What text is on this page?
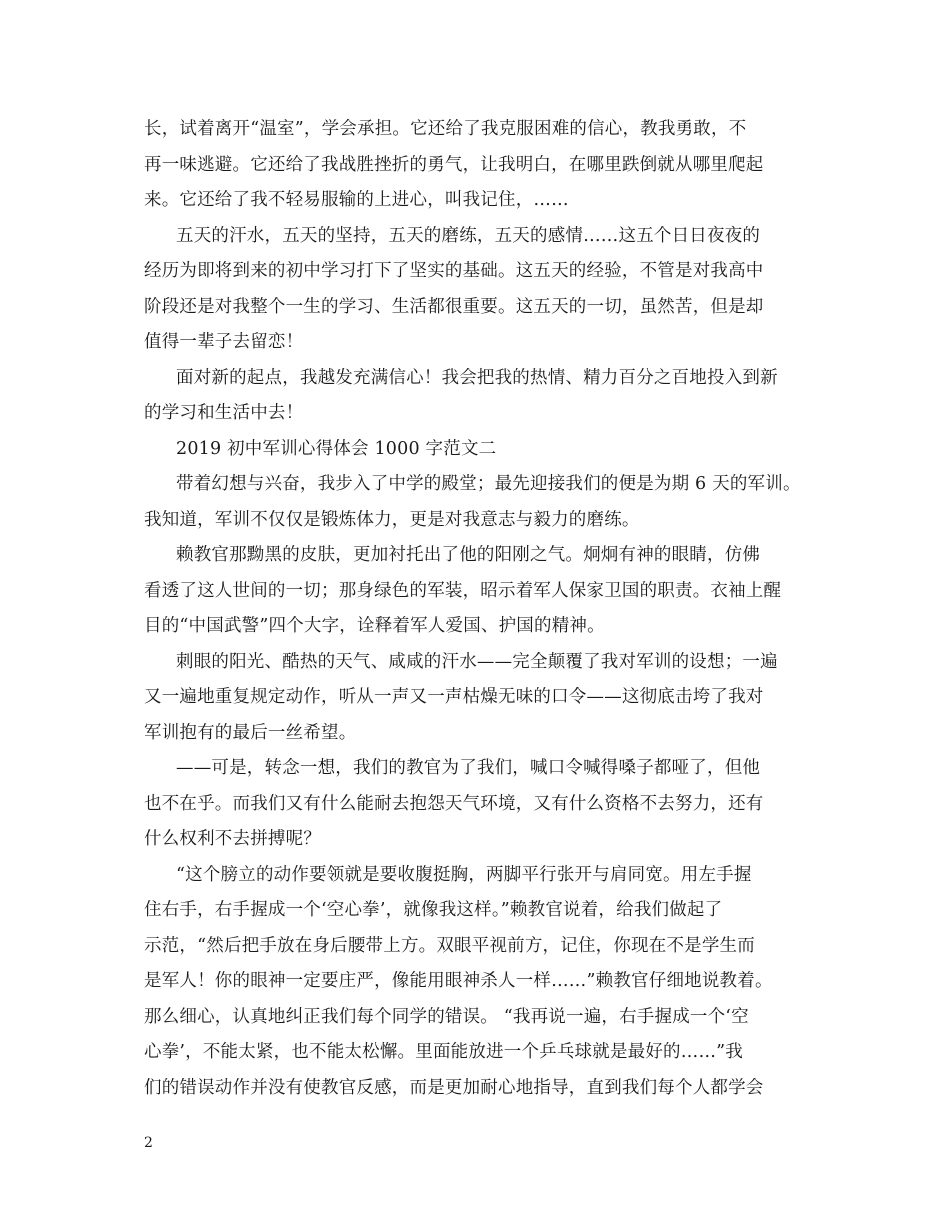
长，试着离开“温室”，学会承担。它还给了我克服困难的信心，教我勇敢，不
再一味逃避。它还给了我战胜挫折的勇气，让我明白，在哪里跌倒就从哪里爬起
来。它还给了我不轻易服输的上进心，叫我记住，……
五天的汗水，五天的坚持，五天的磨练，五天的感情……这五个日日夜夜的
经历为即将到来的初中学习打下了坚实的基础。这五天的经验，不管是对我高中
阶段还是对我整个一生的学习、生活都很重要。这五天的一切，虽然苦，但是却
值得一辈子去留恋！
面对新的起点，我越发充满信心！我会把我的热情、精力百分之百地投入到新
的学习和生活中去！
2019 初中军训心得体会 1000 字范文二
带着幻想与兴奋，我步入了中学的殿堂；最先迎接我们的便是为期 6 天的军训。
我知道，军训不仅仅是锻炼体力，更是对我意志与毅力的磨练。
赖教官那黝黑的皮肤，更加衬托出了他的阳刚之气。炯炯有神的眼睛，仿佛
看透了这人世间的一切；那身绿色的军装，昭示着军人保家卫国的职责。衣袖上醒
目的“中国武警”四个大字，诠释着军人爱国、护国的精神。
刺眼的阳光、酷热的天气、咸咸的汗水——完全颠覆了我对军训的设想；一遍
又一遍地重复规定动作，听从一声又一声枯燥无味的口令——这彻底击垮了我对
军训抱有的最后一丝希望。
——可是，转念一想，我们的教官为了我们，喊口令喊得嗓子都哑了，但他
也不在乎。而我们又有什么能耐去抱怨天气环境，又有什么资格不去努力，还有
什么权利不去拼搏呢？
“这个膀立的动作要领就是要收腹挺胸，两脚平行张开与肩同宽。用左手握
住右手，右手握成一个‘空心拳’，就像我这样。”赖教官说着，给我们做起了
示范，“然后把手放在身后腰带上方。双眼平视前方，记住，你现在不是学生而
是军人！你的眼神一定要庄严，像能用眼神杀人一样……”赖教官仔细地说教着。
那么细心，认真地纠正我们每个同学的错误。 “我再说一遍，右手握成一个‘空
心拳’，不能太紧，也不能太松懈。里面能放进一个乒乓球就是最好的……”我
们的错误动作并没有使教官反感，而是更加耐心地指导，直到我们每个人都学会
2
